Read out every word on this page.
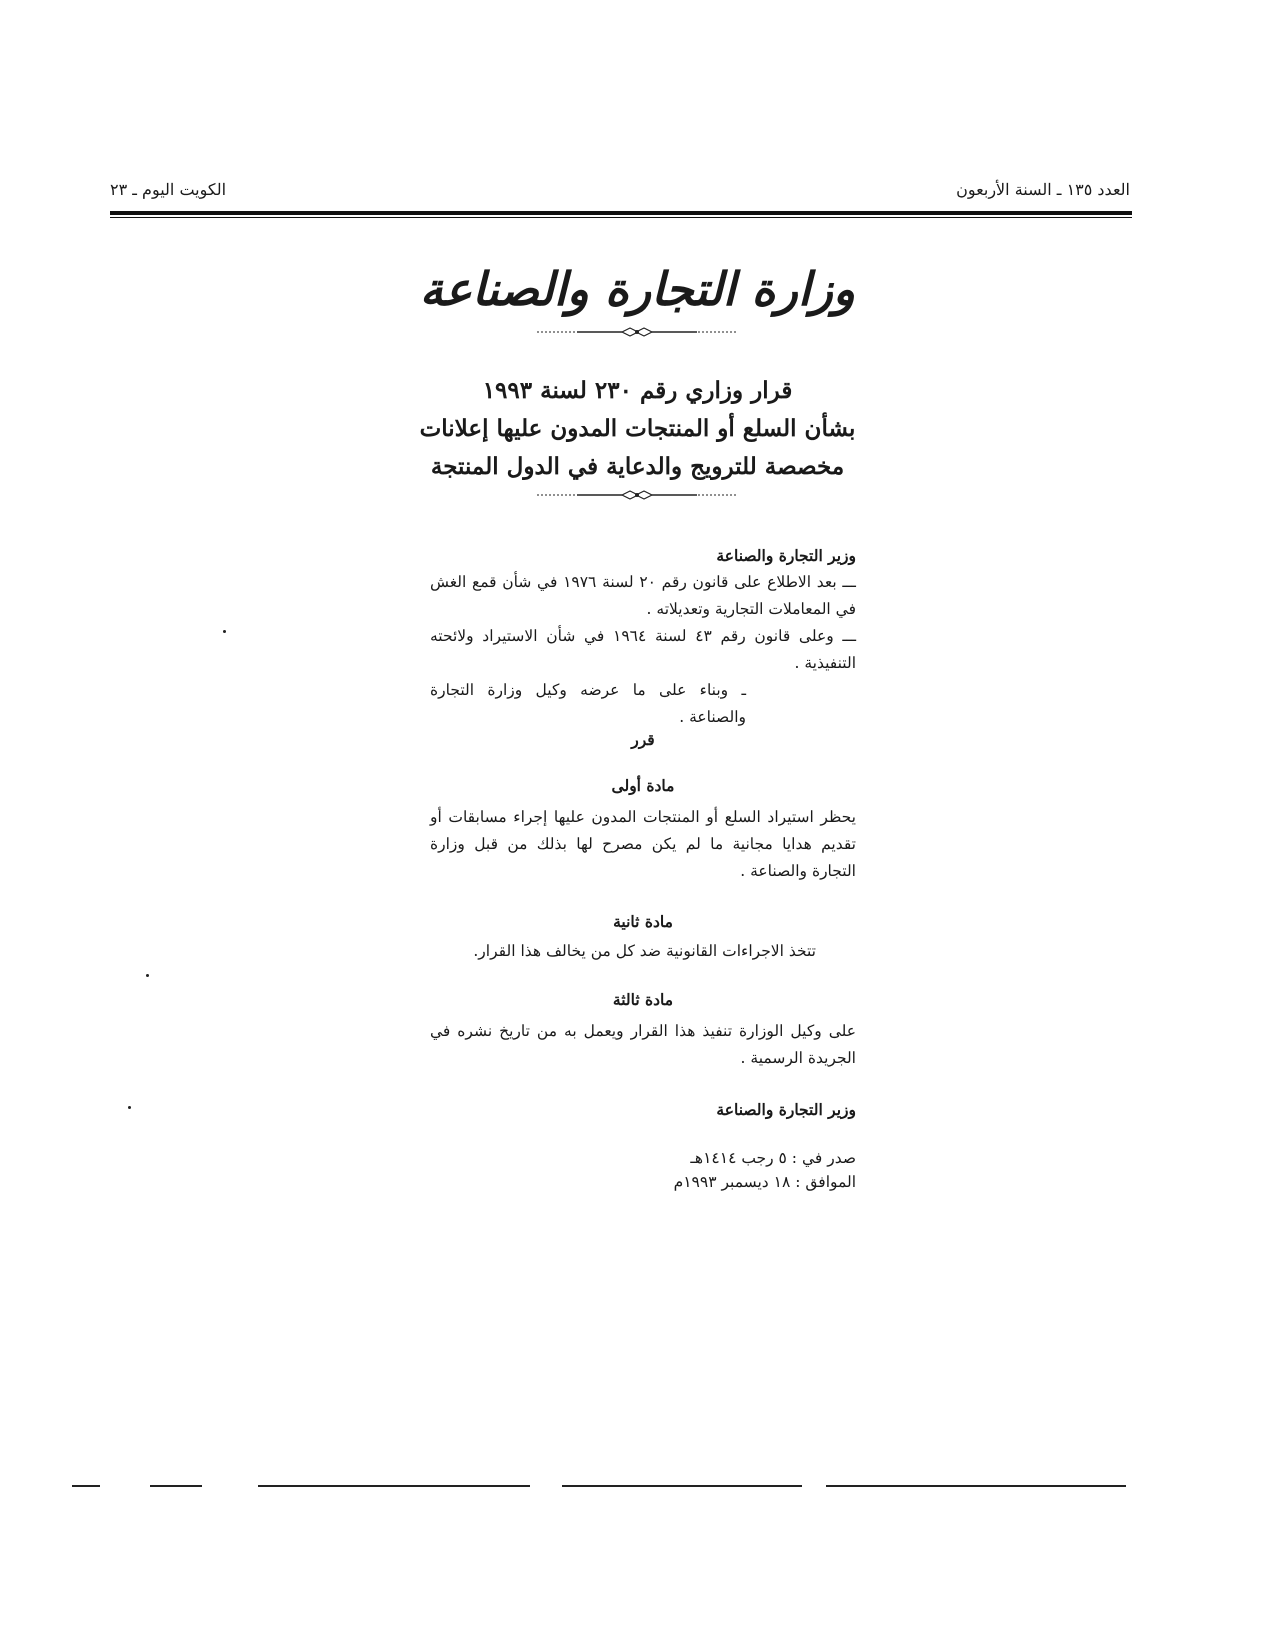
العدد ١٣٥ ـ السنة الأربعون
الكويت اليوم ـ ٢٣
وزارة التجارة والصناعة
قرار وزاري رقم ٢٣٠ لسنة ١٩٩٣
بشأن السلع أو المنتجات المدون عليها إعلانات
مخصصة للترويج والدعاية في الدول المنتجة

وزير التجارة والصناعة

ـــ بعد الاطلاع على قانون رقم ٢٠ لسنة ١٩٧٦ في شأن قمع الغش في المعاملات التجارية وتعديلاته .

ـــ وعلى قانون رقم ٤٣ لسنة ١٩٦٤ في شأن الاستيراد ولائحته التنفيذية .

ـ وبناء على ما عرضه وكيل وزارة التجارة والصناعة .

قرر
مادة أولى
يحظر استيراد السلع أو المنتجات المدون عليها إجراء مسابقات أو تقديم هدايا مجانية ما لم يكن مصرح لها بذلك من قبل وزارة التجارة والصناعة .
مادة ثانية
تتخذ الاجراءات القانونية ضد كل من يخالف هذا القرار.
مادة ثالثة
على وكيل الوزارة تنفيذ هذا القرار ويعمل به من تاريخ نشره في الجريدة الرسمية .
وزير التجارة والصناعة

صدر في : ٥ رجب ١٤١٤هـ

الموافق : ١٨ ديسمبر ١٩٩٣م
